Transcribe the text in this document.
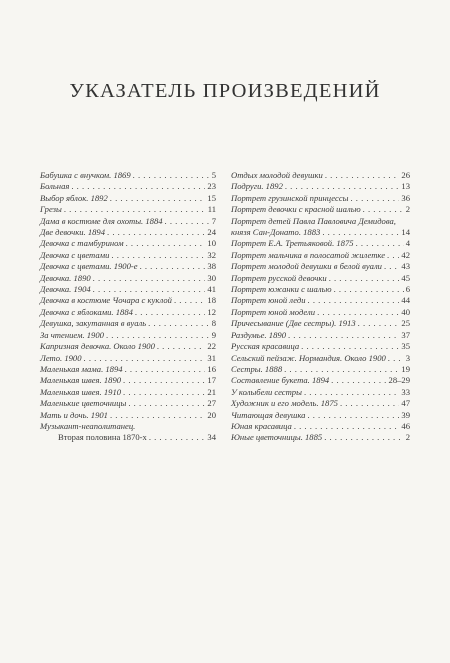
УКАЗАТЕЛЬ ПРОИЗВЕДЕНИЙ
Бабушка с внучком. 1869 . . .	5
Больная . . .	23
Выбор яблок. 1892 . . .	15
Грезы . . .	11
Дама в костюме для охоты. 1884 . . .	7
Две девочки. 1894 . . .	24
Девочка с тамбурином . . .	10
Девочка с цветами . . .	32
Девочка с цветами. 1900-е . . .	38
Девочка. 1890 . . .	30
Девочка. 1904 . . .	41
Девочка в костюме Чочара с куклой . . .	18
Девочка с яблоками. 1884 . . .	12
Девушка, закутанная в вуаль . . .	8
За чтением. 1900 . . .	9
Капризная девочка. Около 1900 . . .	22
Лето. 1900 . . .	31
Маленькая мама. 1894 . . .	16
Маленькая швея. 1890 . . .	17
Маленькая швея. 1910 . . .	21
Маленькие цветочницы . . .	27
Мать и дочь. 1901 . . .	20
Музыкант-неаполитанец.
Вторая половина 1870-х . . .	34
Отдых молодой девушки . . .	26
Подруги. 1892 . . .	13
Портрет грузинской принцессы . . .	36
Портрет девочки с красной шалью . . .	2
Портрет детей Павла Павловича Демидова,
князя Сан-Донато. 1883 . . .	14
Портрет Е.А. Третьяковой. 1875 . . .	4
Портрет мальчика в полосатой жилетке . . . 42
Портрет молодой девушки в белой вуали . . . 43
Портрет русской девочки . . .	45
Портрет южанки с шалью . . .	6
Портрет юной леди . . .	44
Портрет юной модели . . .	40
Причесывание (Две сестры). 1913 . . .	25
Раздумье. 1890 . . .	37
Русская красавица . . .	35
Сельский пейзаж. Нормандия. Около 1900 . . . 3
Сестры. 1888 . . .	19
Составление букета. 1894 . . .	28–29
У колыбели сестры . . .	33
Художник и его модель. 1875 . . .	47
Читающая девушка . . .	39
Юная красавица . . .	46
Юные цветочницы. 1885 . . .	2
